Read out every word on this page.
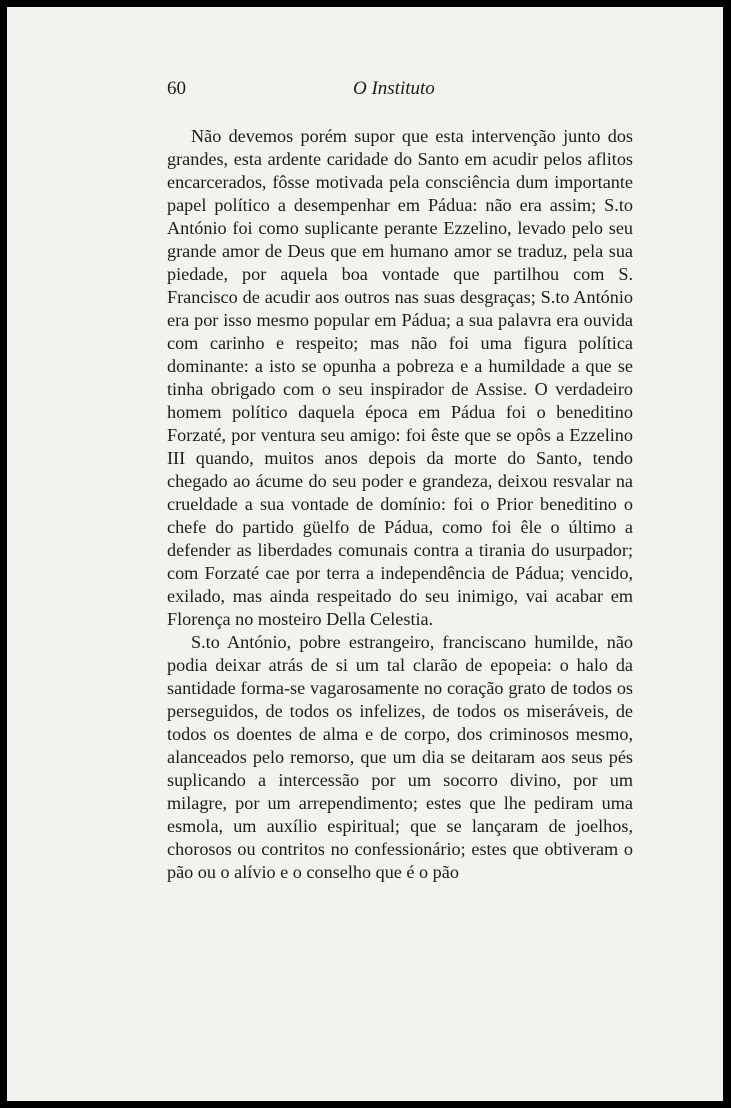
60	O Instituto

Não devemos porém supor que esta intervenção junto dos grandes, esta ardente caridade do Santo em acudir pelos aflitos encarcerados, fôsse motivada pela consciência dum importante papel político a desempenhar em Pádua: não era assim; S.to António foi como suplicante perante Ezzelino, levado pelo seu grande amor de Deus que em humano amor se traduz, pela sua piedade, por aquela boa vontade que partilhou com S. Francisco de acudir aos outros nas suas desgraças; S.to António era por isso mesmo popular em Pádua; a sua palavra era ouvida com carinho e respeito; mas não foi uma figura política dominante: a isto se opunha a pobreza e a humildade a que se tinha obrigado com o seu inspirador de Assise. O verdadeiro homem político daquela época em Pádua foi o beneditino Forzaté, por ventura seu amigo: foi êste que se opôs a Ezzelino III quando, muitos anos depois da morte do Santo, tendo chegado ao ácume do seu poder e grandeza, deixou resvalar na crueldade a sua vontade de domínio: foi o Prior beneditino o chefe do partido güelfo de Pádua, como foi êle o último a defender as liberdades comunais contra a tirania do usurpador; com Forzaté cae por terra a independência de Pádua; vencido, exilado, mas ainda respeitado do seu inimigo, vai acabar em Florença no mosteiro Della Celestia.

S.to António, pobre estrangeiro, franciscano humilde, não podia deixar atrás de si um tal clarão de epopeia: o halo da santidade forma-se vagarosamente no coração grato de todos os perseguidos, de todos os infelizes, de todos os miseráveis, de todos os doentes de alma e de corpo, dos criminosos mesmo, alanceados pelo remorso, que um dia se deitaram aos seus pés suplicando a intercessão por um socorro divino, por um milagre, por um arrependimento; estes que lhe pediram uma esmola, um auxílio espiritual; que se lançaram de joelhos, chorosos ou contritos no confessionário; estes que obtiveram o pão ou o alívio e o conselho que é o pão
